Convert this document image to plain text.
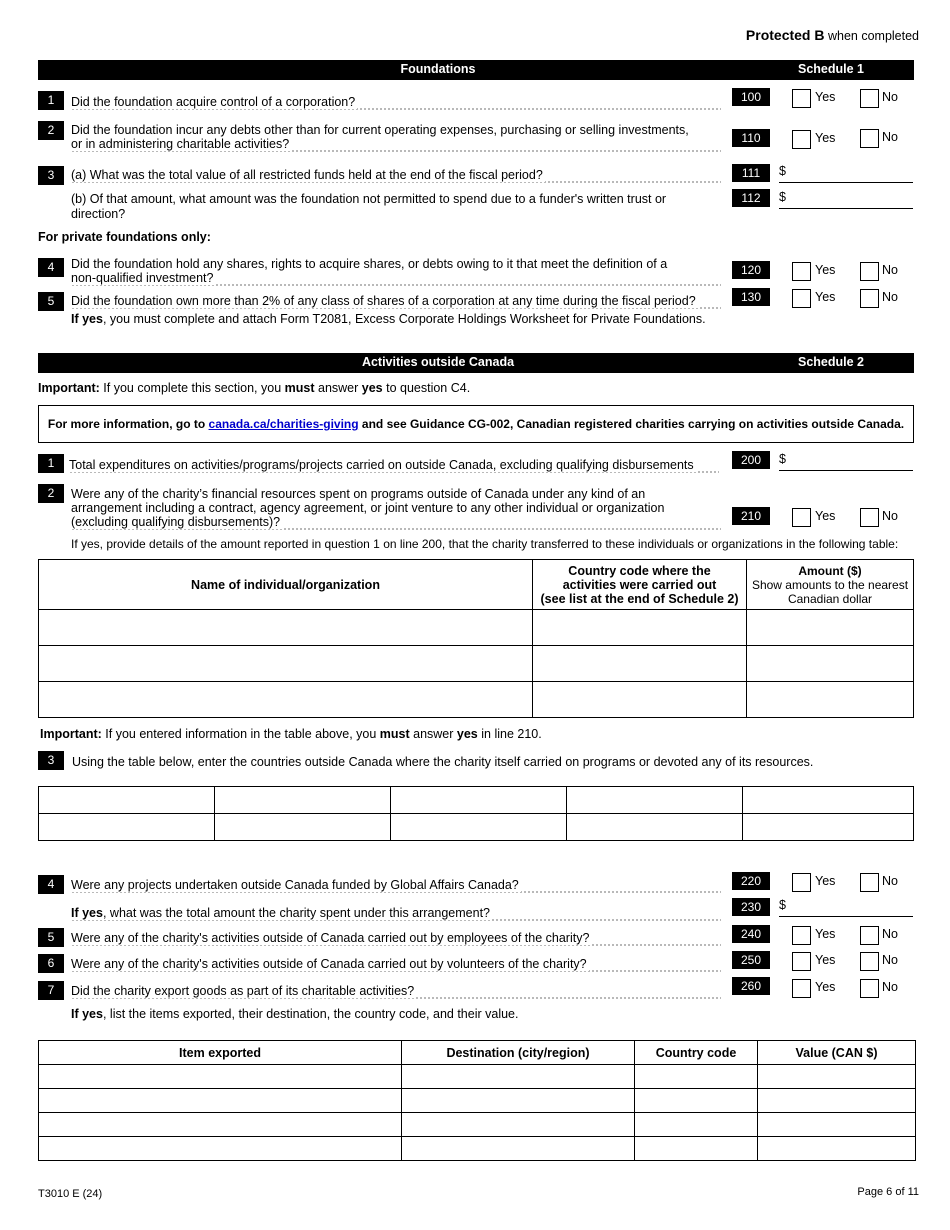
Protected B when completed
Foundations	Schedule 1
1	Did the foundation acquire control of a corporation?	100	Yes	No
2	Did the foundation incur any debts other than for current operating expenses, purchasing or selling investments,
or in administering charitable activities?	110	Yes	No
3	(a) What was the total value of all restricted funds held at the end of the fiscal period?	111	$
(b) Of that amount, what amount was the foundation not permitted to spend due to a funder's written trust or direction?
112	$
For private foundations only:
4	Did the foundation hold any shares, rights to acquire shares, or debts owing to it that meet the definition of a
non-qualified investment?
120	Yes	No
5	Did the foundation own more than 2% of any class of shares of a corporation at any time during the fiscal period?	130	Yes	No
If yes, you must complete and attach Form T2081, Excess Corporate Holdings Worksheet for Private Foundations.
Activities outside Canada	Schedule 2
Important: If you complete this section, you must answer yes to question C4.
For more information, go to canada.ca/charities-giving and see Guidance CG-002, Canadian registered charities carrying on activities outside Canada.
1	Total expenditures on activities/programs/projects carried on outside Canada, excluding qualifying disbursements	200	$
2	Were any of the charity’s financial resources spent on programs outside of Canada under any kind of an
arrangement including a contract, agency agreement, or joint venture to any other individual or organization
(excluding qualifying disbursements)?	210	Yes	No
If yes, provide details of the amount reported in question 1 on line 200, that the charity transferred to these individuals or organizations in the following table:
Name of individual/organization	Country code where the
activities were carried out
(see list at the end of Schedule 2)	Amount ($)
Show amounts to the nearest
Canadian dollar

Important: If you entered information in the table above, you must answer yes in line 210.
3	Using the table below, enter the countries outside Canada where the charity itself carried on programs or devoted any of its resources.

4	Were any projects undertaken outside Canada funded by Global Affairs Canada?	220	Yes	No
If yes, what was the total amount the charity spent under this arrangement?	230	$
5	Were any of the charity's activities outside of Canada carried out by employees of the charity?	240	Yes	No
6	Were any of the charity's activities outside of Canada carried out by volunteers of the charity?	250	Yes	No
7	Did the charity export goods as part of its charitable activities?	260	Yes	No
If yes, list the items exported, their destination, the country code, and their value.
Item exported	Destination (city/region)	Country code	Value (CAN $)

T3010 E (24)	Page 6 of 11
